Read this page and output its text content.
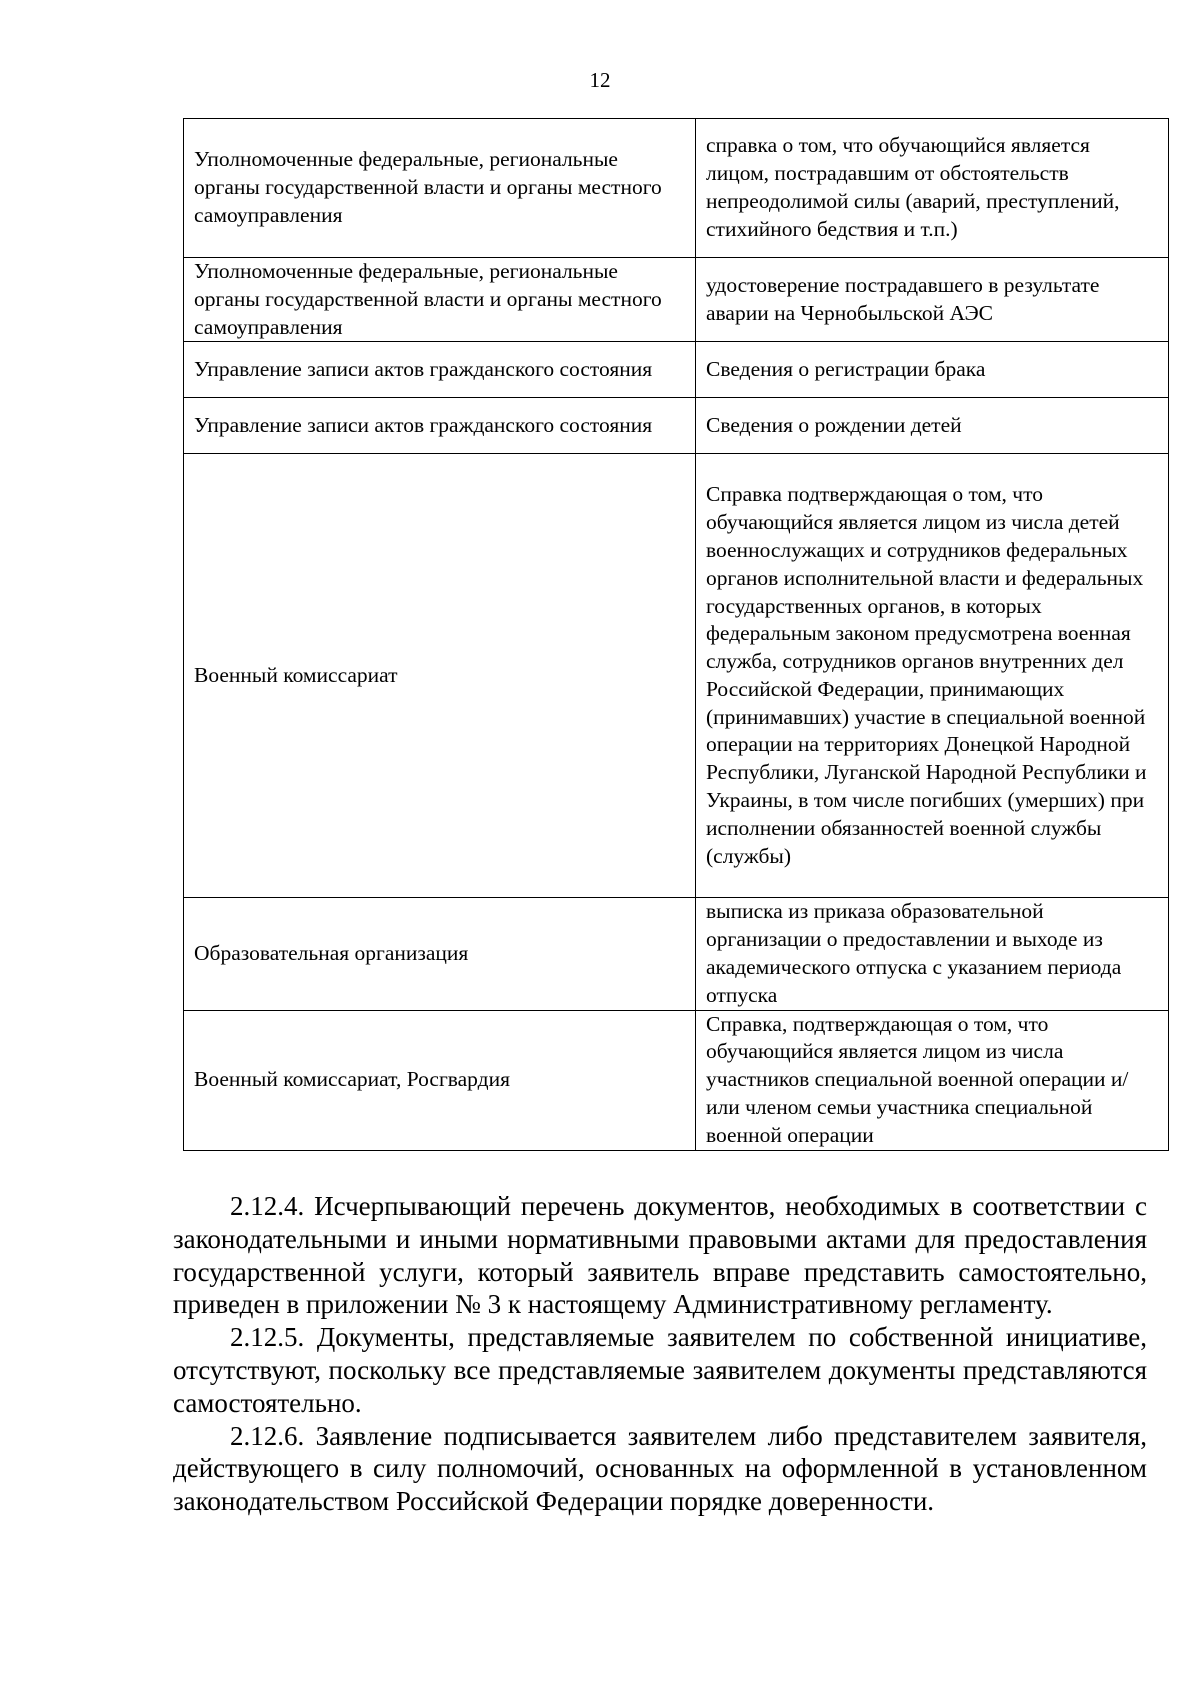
12
Уполномоченные федеральные, региональные органы государственной власти и органы местного самоуправления	справка о том, что обучающийся является лицом, пострадавшим от обстоятельств непреодолимой силы (аварий, преступлений, стихийного бедствия и т.п.)
Уполномоченные федеральные, региональные органы государственной власти и органы местного самоуправления	удостоверение пострадавшего в результате аварии на Чернобыльской АЭС
Управление записи актов гражданского состояния	Сведения о регистрации брака
Управление записи актов гражданского состояния	Сведения о рождении детей
Военный комиссариат	Справка подтверждающая о том, что обучающийся является лицом из числа детей военнослужащих и сотрудников федеральных органов исполнительной власти и федеральных государственных органов, в которых федеральным законом предусмотрена военная служба, сотрудников органов внутренних дел Российской Федерации, принимающих (принимавших) участие в специальной военной операции на территориях Донецкой Народной Республики, Луганской Народной Республики и Украины, в том числе погибших (умерших) при исполнении обязанностей военной службы (службы)
Образовательная организация	выписка из приказа образовательной организации о предоставлении и выходе из академического отпуска с указанием периода отпуска
Военный комиссариат, Росгвардия	Справка, подтверждающая о том, что обучающийся является лицом из числа участников специальной военной операции и/или членом семьи участника специальной военной операции

2.12.4. Исчерпывающий перечень документов, необходимых в соответствии с законодательными и иными нормативными правовыми актами для предоставления государственной услуги, который заявитель вправе представить самостоятельно, приведен в приложении № 3 к настоящему Административному регламенту.

2.12.5. Документы, представляемые заявителем по собственной инициативе, отсутствуют, поскольку все представляемые заявителем документы представляются самостоятельно.

2.12.6. Заявление подписывается заявителем либо представителем заявителя, действующего в силу полномочий, основанных на оформленной в установленном законодательством Российской Федерации порядке доверенности.
